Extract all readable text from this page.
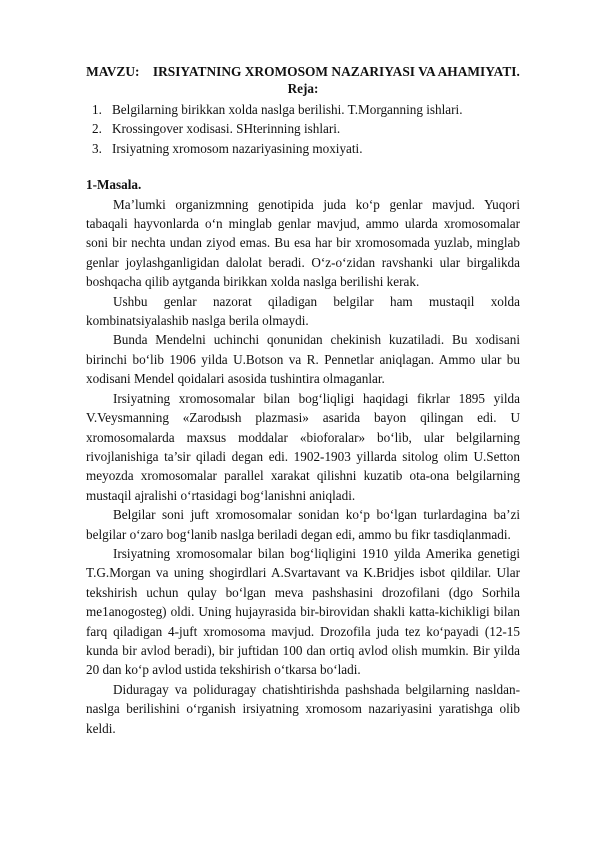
MAVZU: IRSIYATNING XROMOSOM NAZARIYASI VA AHAMIYATI.
Reja:
1. Belgilarning birikkan xolda naslga berilishi. T.Morganning ishlari.
2. Krossingover xodisasi. SHterinning ishlari.
3. Irsiyatning xromosom nazariyasining moxiyati.
1-Masala.

Ma’lumki organizmning genotipida juda ko‘p genlar mavjud. Yuqori tabaqali hayvonlarda o‘n minglab genlar mavjud, ammo ularda xromosomalar soni bir nechta undan ziyod emas. Bu esa har bir xromosomada yuzlab, minglab genlar joylashganligidan dalolat beradi. O‘z-o‘zidan ravshanki ular birgalikda boshqacha qilib aytganda birikkan xolda naslga berilishi kerak.

Ushbu genlar nazorat qiladigan belgilar ham mustaqil xolda kombinatsiyalashib naslga berila olmaydi.

Bunda Mendelni uchinchi qonunidan chekinish kuzatiladi. Bu xodisani birinchi bo‘lib 1906 yilda U.Botson va R. Pennetlar aniqlagan. Ammo ular bu xodisani Mendel qoidalari asosida tushintira olmaganlar.

Irsiyatning xromosomalar bilan bog‘liqligi haqidagi fikrlar 1895 yilda V.Veysmanning «Zarodыsh plazmasi» asarida bayon qilingan edi. U xromosomalarda maxsus moddalar «bioforalar» bo‘lib, ular belgilarning rivojlanishiga ta’sir qiladi degan edi. 1902-1903 yillarda sitolog olim U.Setton meyozda xromosomalar parallel xarakat qilishni kuzatib ota-ona belgilarning mustaqil ajralishi o‘rtasidagi bog‘lanishni aniqladi.

Belgilar soni juft xromosomalar sonidan ko‘p bo‘lgan turlardagina ba’zi belgilar o‘zaro bog‘lanib naslga beriladi degan edi, ammo bu fikr tasdiqlanmadi.

Irsiyatning xromosomalar bilan bog‘liqligini 1910 yilda Amerika genetigi T.G.Morgan va uning shogirdlari A.Svartavant va K.Bridjes isbot qildilar. Ular tekshirish uchun qulay bo‘lgan meva pashshasini drozofilani (dgo Sorhila me1anogosteg) oldi. Uning hujayrasida bir-birovidan shakli katta-kichikligi bilan farq qiladigan 4-juft xromosoma mavjud. Drozofila juda tez ko‘payadi (12-15 kunda bir avlod beradi), bir juftidan 100 dan ortiq avlod olish mumkin. Bir yilda 20 dan ko‘p avlod ustida tekshirish o‘tkarsa bo‘ladi.

Diduragay va poliduragay chatishtirishda pashshada belgilarning nasldan-naslga berilishini o‘rganish irsiyatning xromosom nazariyasini yaratishga olib keldi.
